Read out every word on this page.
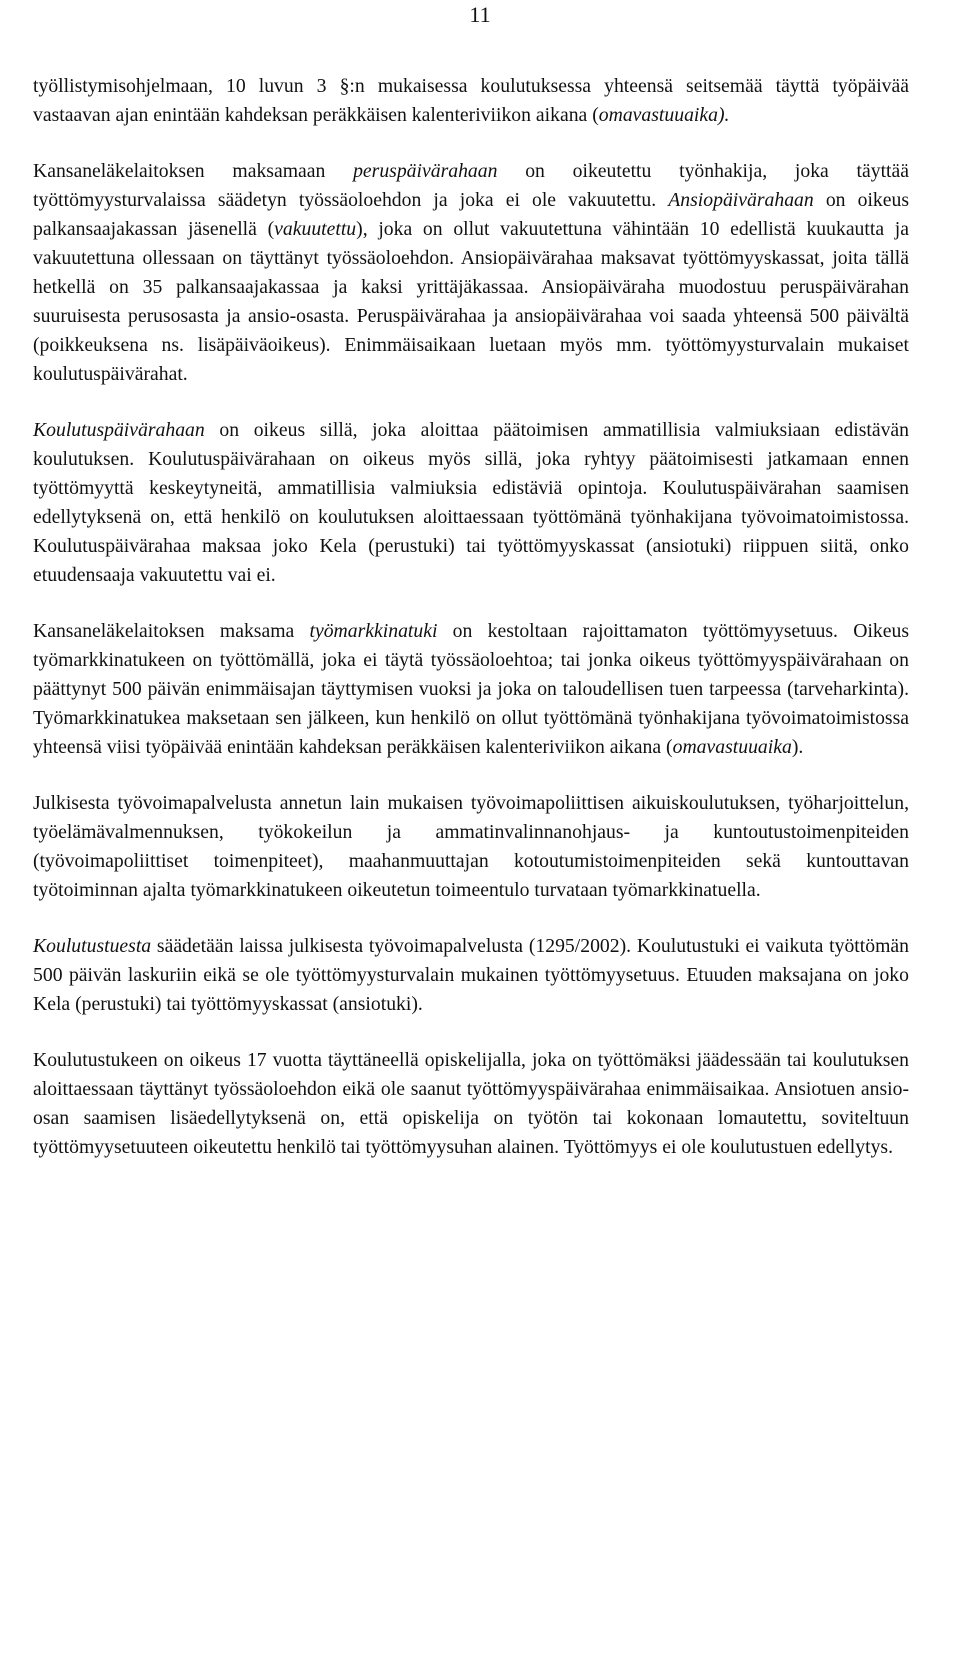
11

työllistymisohjelmaan, 10 luvun 3 §:n mukaisessa koulutuksessa yhteensä seitsemää täyttä työpäivää vastaavan ajan enintään kahdeksan peräkkäisen kalenteriviikon aikana (omavastuuaika).

Kansaneläkelaitoksen maksamaan peruspäivärahaan on oikeutettu työnhakija, joka täyttää työttömyysturvalaissa säädetyn työssäoloehdon ja joka ei ole vakuutettu. Ansiopäivärahaan on oikeus palkansaajakassan jäsenellä (vakuutettu), joka on ollut vakuutettuna vähintään 10 edellistä kuukautta ja vakuutettuna ollessaan on täyttänyt työssäoloehdon. Ansiopäivärahaa maksavat työttömyyskassat, joita tällä hetkellä on 35 palkansaajakassaa ja kaksi yrittäjäkassaa. Ansiopäiväraha muodostuu peruspäivärahan suuruisesta perusosasta ja ansio-osasta. Peruspäivärahaa ja ansiopäivärahaa voi saada yhteensä 500 päivältä (poikkeuksena ns. lisäpäiväoikeus). Enimmäisaikaan luetaan myös mm. työttömyysturvalain mukaiset koulutuspäivärahat.

Koulutuspäivärahaan on oikeus sillä, joka aloittaa päätoimisen ammatillisia valmiuksiaan edistävän koulutuksen. Koulutuspäivärahaan on oikeus myös sillä, joka ryhtyy päätoimisesti jatkamaan ennen työttömyyttä keskeytyneitä, ammatillisia valmiuksia edistäviä opintoja. Koulutuspäivärahan saamisen edellytyksenä on, että henkilö on koulutuksen aloittaessaan työttömänä työnhakijana työvoimatoimistossa. Koulutuspäivärahaa maksaa joko Kela (perustuki) tai työttömyyskassat (ansiotuki) riippuen siitä, onko etuudensaaja vakuutettu vai ei.

Kansaneläkelaitoksen maksama työmarkkinatuki on kestoltaan rajoittamaton työttömyysetuus. Oikeus työmarkkinatukeen on työttömällä, joka ei täytä työssäoloehtoa; tai jonka oikeus työttömyyspäivärahaan on päättynyt 500 päivän enimmäisajan täyttymisen vuoksi ja joka on taloudellisen tuen tarpeessa (tarveharkinta). Työmarkkinatukea maksetaan sen jälkeen, kun henkilö on ollut työttömänä työnhakijana työvoimatoimistossa yhteensä viisi työpäivää enintään kahdeksan peräkkäisen kalenteriviikon aikana (omavastuuaika).

Julkisesta työvoimapalvelusta annetun lain mukaisen työvoimapoliittisen aikuiskoulutuksen, työharjoittelun, työelämävalmennuksen, työkokeilun ja ammatinvalinnanohjaus- ja kuntoutustoimenpiteiden (työvoimapoliittiset toimenpiteet), maahanmuuttajan kotoutumistoimenpiteiden sekä kuntouttavan työtoiminnan ajalta työmarkkinatukeen oikeutetun toimeentulo turvataan työmarkkinatuella.

Koulutustuesta säädetään laissa julkisesta työvoimapalvelusta (1295/2002). Koulutustuki ei vaikuta työttömän 500 päivän laskuriin eikä se ole työttömyysturvalain mukainen työttömyysetuus. Etuuden maksajana on joko Kela (perustuki) tai työttömyyskassat (ansiotuki).

Koulutustukeen on oikeus 17 vuotta täyttäneellä opiskelijalla, joka on työttömäksi jäädessään tai koulutuksen aloittaessaan täyttänyt työssäoloehdon eikä ole saanut työttömyyspäivärahaa enimmäisaikaa. Ansiotuen ansio-osan saamisen lisäedellytyksenä on, että opiskelija on työtön tai kokonaan lomautettu, soviteltuun työttömyysetuuteen oikeutettu henkilö tai työttömyysuhan alainen. Työttömyys ei ole koulutustuen edellytys.
